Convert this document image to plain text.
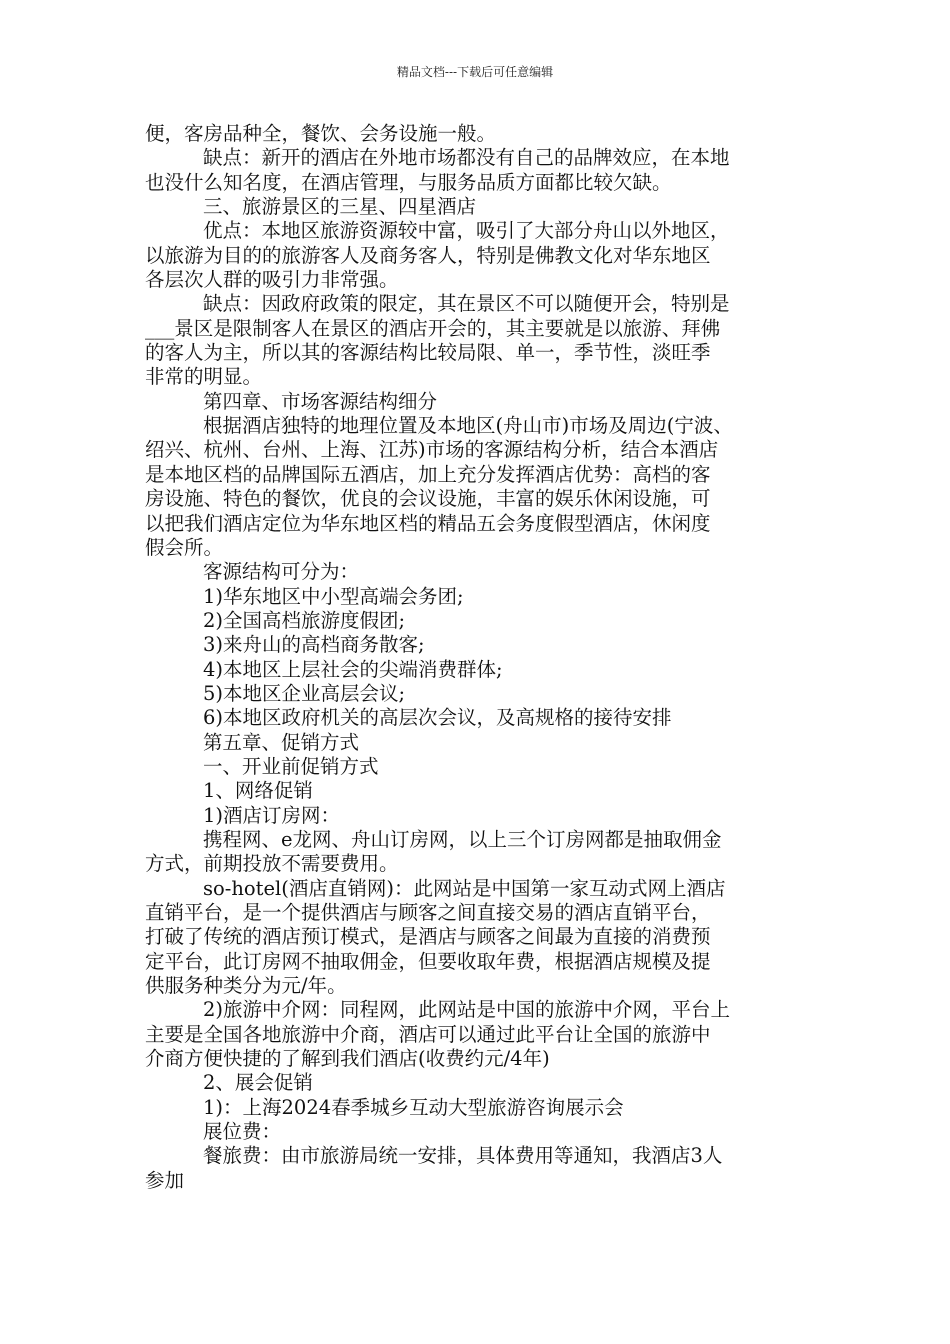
精品文档---下载后可任意编辑
便，客房品种全，餐饮、会务设施一般。
缺点：新开的酒店在外地市场都没有自己的品牌效应，在本地
也没什么知名度，在酒店管理，与服务品质方面都比较欠缺。
三、旅游景区的三星、四星酒店
优点：本地区旅游资源较中富，吸引了大部分舟山以外地区，
以旅游为目的的旅游客人及商务客人，特别是佛教文化对华东地区
各层次人群的吸引力非常强。
缺点：因政府政策的限定，其在景区不可以随便开会，特别是
___景区是限制客人在景区的酒店开会的，其主要就是以旅游、拜佛
的客人为主，所以其的客源结构比较局限、单一，季节性，淡旺季
非常的明显。
第四章、市场客源结构细分
根据酒店独特的地理位置及本地区(舟山市)市场及周边(宁波、
绍兴、杭州、台州、上海、江苏)市场的客源结构分析，结合本酒店
是本地区档的品牌国际五酒店，加上充分发挥酒店优势：高档的客
房设施、特色的餐饮，优良的会议设施，丰富的娱乐休闲设施，可
以把我们酒店定位为华东地区档的精品五会务度假型酒店，休闲度
假会所。
客源结构可分为：
1)华东地区中小型高端会务团;
2)全国高档旅游度假团;
3)来舟山的高档商务散客;
4)本地区上层社会的尖端消费群体;
5)本地区企业高层会议;
6)本地区政府机关的高层次会议，及高规格的接待安排
第五章、促销方式
一、开业前促销方式
1、网络促销
1)酒店订房网：
携程网、e龙网、舟山订房网，以上三个订房网都是抽取佣金
方式，前期投放不需要费用。
so-hotel(酒店直销网)：此网站是中国第一家互动式网上酒店
直销平台，是一个提供酒店与顾客之间直接交易的酒店直销平台，
打破了传统的酒店预订模式，是酒店与顾客之间最为直接的消费预
定平台，此订房网不抽取佣金，但要收取年费，根据酒店规模及提
供服务种类分为元/年。
2)旅游中介网：同程网，此网站是中国的旅游中介网，平台上
主要是全国各地旅游中介商，酒店可以通过此平台让全国的旅游中
介商方便快捷的了解到我们酒店(收费约元/4年)
2、展会促销
1)：上海2024春季城乡互动大型旅游咨询展示会
展位费：
餐旅费：由市旅游局统一安排，具体费用等通知，我酒店3人
参加
